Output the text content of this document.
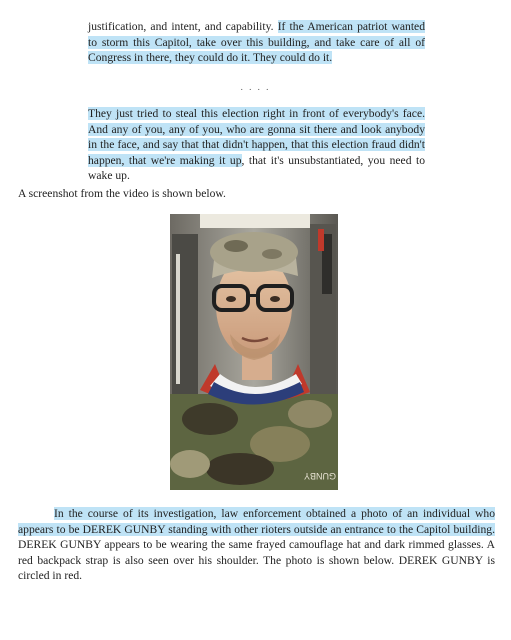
justification, and intent, and capability. If the American patriot wanted to storm this Capitol, take over this building, and take care of all of Congress in there, they could do it. They could do it.

. . . .

They just tried to steal this election right in front of everybody's face. And any of you, any of you, who are gonna sit there and look anybody in the face, and say that that didn't happen, that this election fraud didn't happen, that we're making it up, that it's unsubstantiated, you need to wake up.

A screenshot from the video is shown below.

GUNBY

In the course of its investigation, law enforcement obtained a photo of an individual who appears to be DEREK GUNBY standing with other rioters outside an entrance to the Capitol building. DEREK GUNBY appears to be wearing the same frayed camouflage hat and dark rimmed glasses. A red backpack strap is also seen over his shoulder. The photo is shown below. DEREK GUNBY is circled in red.
